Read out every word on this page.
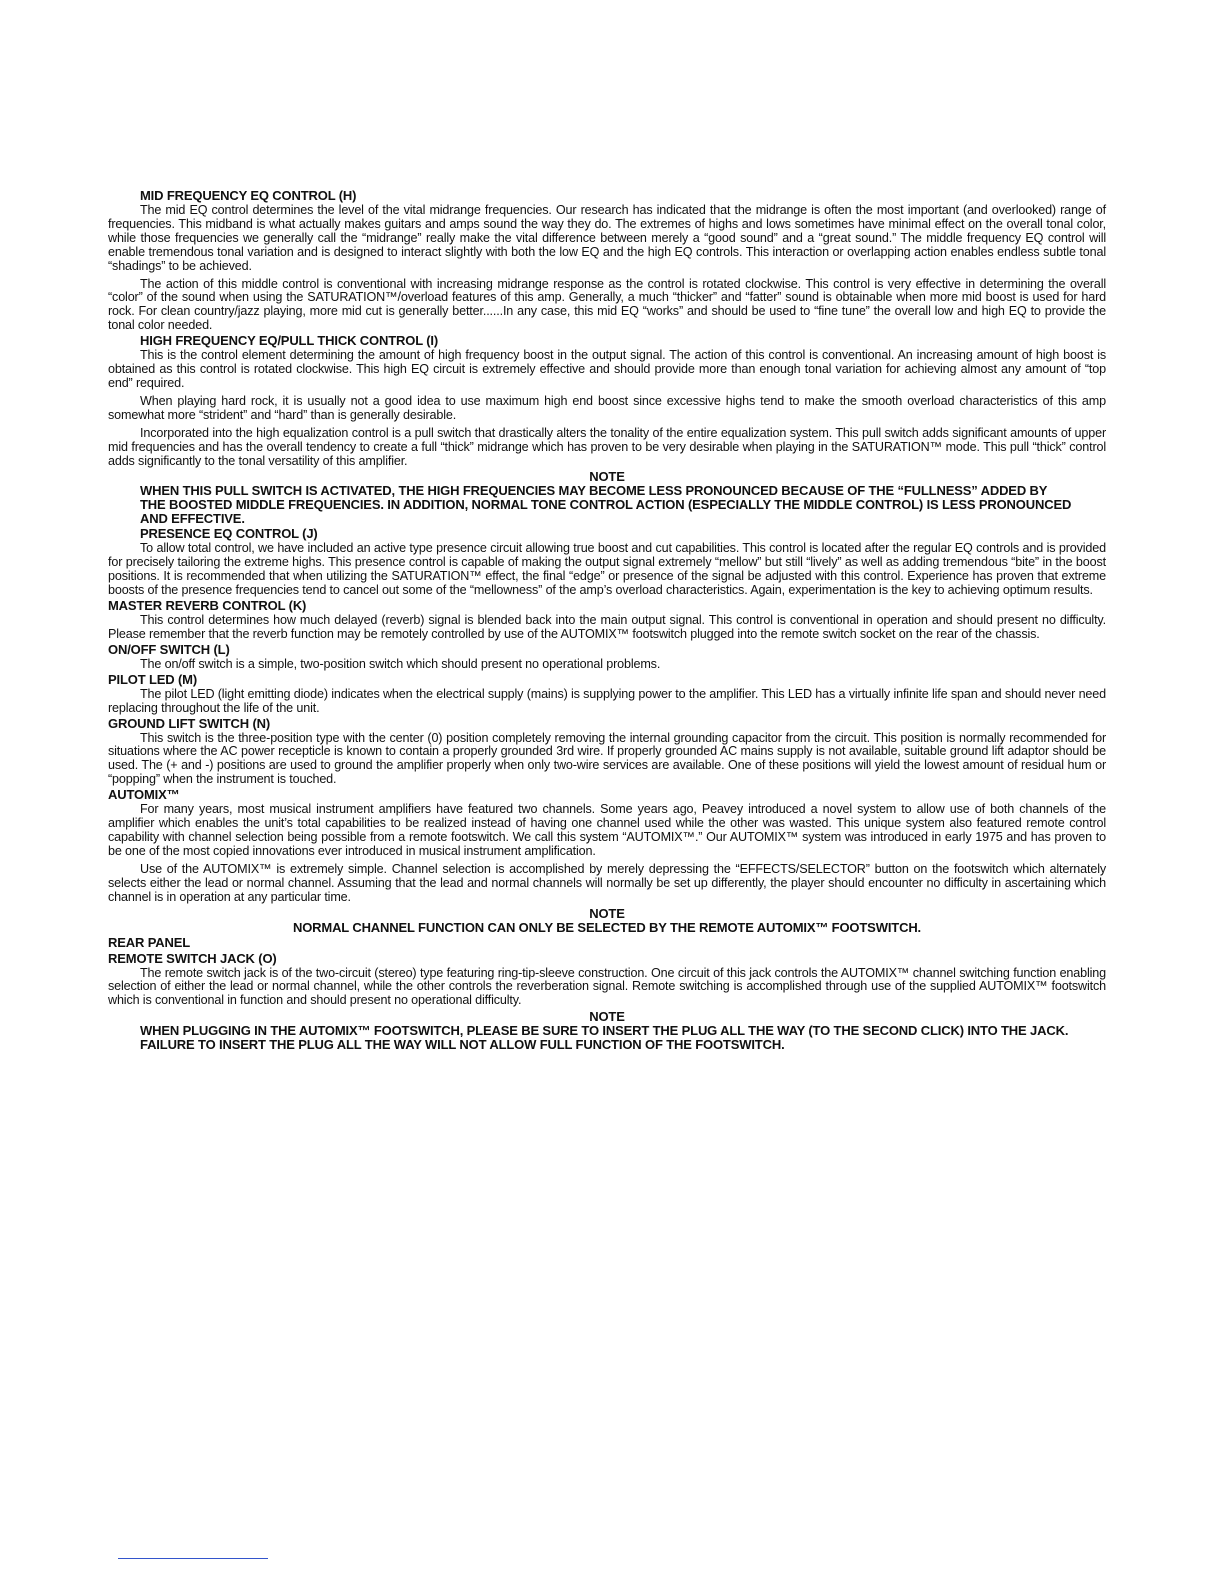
MID FREQUENCY EQ CONTROL (H)

The mid EQ control determines the level of the vital midrange frequencies. Our research has indicated that the midrange is often the most important (and overlooked) range of frequencies. This midband is what actually makes guitars and amps sound the way they do. The extremes of highs and lows sometimes have minimal effect on the overall tonal color, while those frequencies we generally call the “midrange” really make the vital difference between merely a “good sound” and a “great sound.” The middle frequency EQ control will enable tremendous tonal variation and is designed to interact slightly with both the low EQ and the high EQ controls. This interaction or overlapping action enables endless subtle tonal “shadings” to be achieved.

The action of this middle control is conventional with increasing midrange response as the control is rotated clockwise. This control is very effective in determining the overall “color” of the sound when using the SATURATION™/overload features of this amp. Generally, a much “thicker” and “fatter” sound is obtainable when more mid boost is used for hard rock. For clean country/jazz playing, more mid cut is generally better......In any case, this mid EQ “works” and should be used to “fine tune” the overall low and high EQ to provide the tonal color needed.

HIGH FREQUENCY EQ/PULL THICK CONTROL (I)

This is the control element determining the amount of high frequency boost in the output signal. The action of this control is conventional. An increasing amount of high boost is obtained as this control is rotated clockwise. This high EQ circuit is extremely effective and should provide more than enough tonal variation for achieving almost any amount of “top end” required.

When playing hard rock, it is usually not a good idea to use maximum high end boost since excessive highs tend to make the smooth overload characteristics of this amp somewhat more “strident” and “hard” than is generally desirable.

Incorporated into the high equalization control is a pull switch that drastically alters the tonality of the entire equalization system. This pull switch adds significant amounts of upper mid frequencies and has the overall tendency to create a full “thick” midrange which has proven to be very desirable when playing in the SATURATION™ mode. This pull “thick” control adds significantly to the tonal versatility of this amplifier.

NOTE

WHEN THIS PULL SWITCH IS ACTIVATED, THE HIGH FREQUENCIES MAY BECOME LESS PRONOUNCED BECAUSE OF THE “FULLNESS” ADDED BY THE BOOSTED MIDDLE FREQUENCIES. IN ADDITION, NORMAL TONE CONTROL ACTION (ESPECIALLY THE MIDDLE CONTROL) IS LESS PRONOUNCED AND EFFECTIVE.

PRESENCE EQ CONTROL (J)

To allow total control, we have included an active type presence circuit allowing true boost and cut capabilities. This control is located after the regular EQ controls and is provided for precisely tailoring the extreme highs. This presence control is capable of making the output signal extremely “mellow” but still “lively” as well as adding tremendous “bite” in the boost positions. It is recommended that when utilizing the SATURATION™ effect, the final “edge” or presence of the signal be adjusted with this control. Experience has proven that extreme boosts of the presence frequencies tend to cancel out some of the “mellowness” of the amp’s overload characteristics. Again, experimentation is the key to achieving optimum results.

MASTER REVERB CONTROL (K)

This control determines how much delayed (reverb) signal is blended back into the main output signal. This control is conventional in operation and should present no difficulty. Please remember that the reverb function may be remotely controlled by use of the AUTOMIX™ footswitch plugged into the remote switch socket on the rear of the chassis.

ON/OFF SWITCH (L)

The on/off switch is a simple, two-position switch which should present no operational problems.

PILOT LED (M)

The pilot LED (light emitting diode) indicates when the electrical supply (mains) is supplying power to the amplifier. This LED has a virtually infinite life span and should never need replacing throughout the life of the unit.

GROUND LIFT SWITCH (N)

This switch is the three-position type with the center (0) position completely removing the internal grounding capacitor from the circuit. This position is normally recommended for situations where the AC power recepticle is known to contain a properly grounded 3rd wire. If properly grounded AC mains supply is not available, suitable ground lift adaptor should be used. The (+ and -) positions are used to ground the amplifier properly when only two-wire services are available. One of these positions will yield the lowest amount of residual hum or “popping” when the instrument is touched.

AUTOMIX™

For many years, most musical instrument amplifiers have featured two channels. Some years ago, Peavey introduced a novel system to allow use of both channels of the amplifier which enables the unit’s total capabilities to be realized instead of having one channel used while the other was wasted. This unique system also featured remote control capability with channel selection being possible from a remote footswitch. We call this system “AUTOMIX™.” Our AUTOMIX™ system was introduced in early 1975 and has proven to be one of the most copied innovations ever introduced in musical instrument amplification.

Use of the AUTOMIX™ is extremely simple. Channel selection is accomplished by merely depressing the “EFFECTS/SELECTOR” button on the footswitch which alternately selects either the lead or normal channel. Assuming that the lead and normal channels will normally be set up differently, the player should encounter no difficulty in ascertaining which channel is in operation at any particular time.

NOTE

NORMAL CHANNEL FUNCTION CAN ONLY BE SELECTED BY THE REMOTE AUTOMIX™ FOOTSWITCH.

REAR PANEL
REMOTE SWITCH JACK (O)

The remote switch jack is of the two-circuit (stereo) type featuring ring-tip-sleeve construction. One circuit of this jack controls the AUTOMIX™ channel switching function enabling selection of either the lead or normal channel, while the other controls the reverberation signal. Remote switching is accomplished through use of the supplied AUTOMIX™ footswitch which is conventional in function and should present no operational difficulty.

NOTE

WHEN PLUGGING IN THE AUTOMIX™ FOOTSWITCH, PLEASE BE SURE TO INSERT THE PLUG ALL THE WAY (TO THE SECOND CLICK) INTO THE JACK. FAILURE TO INSERT THE PLUG ALL THE WAY WILL NOT ALLOW FULL FUNCTION OF THE FOOTSWITCH.
